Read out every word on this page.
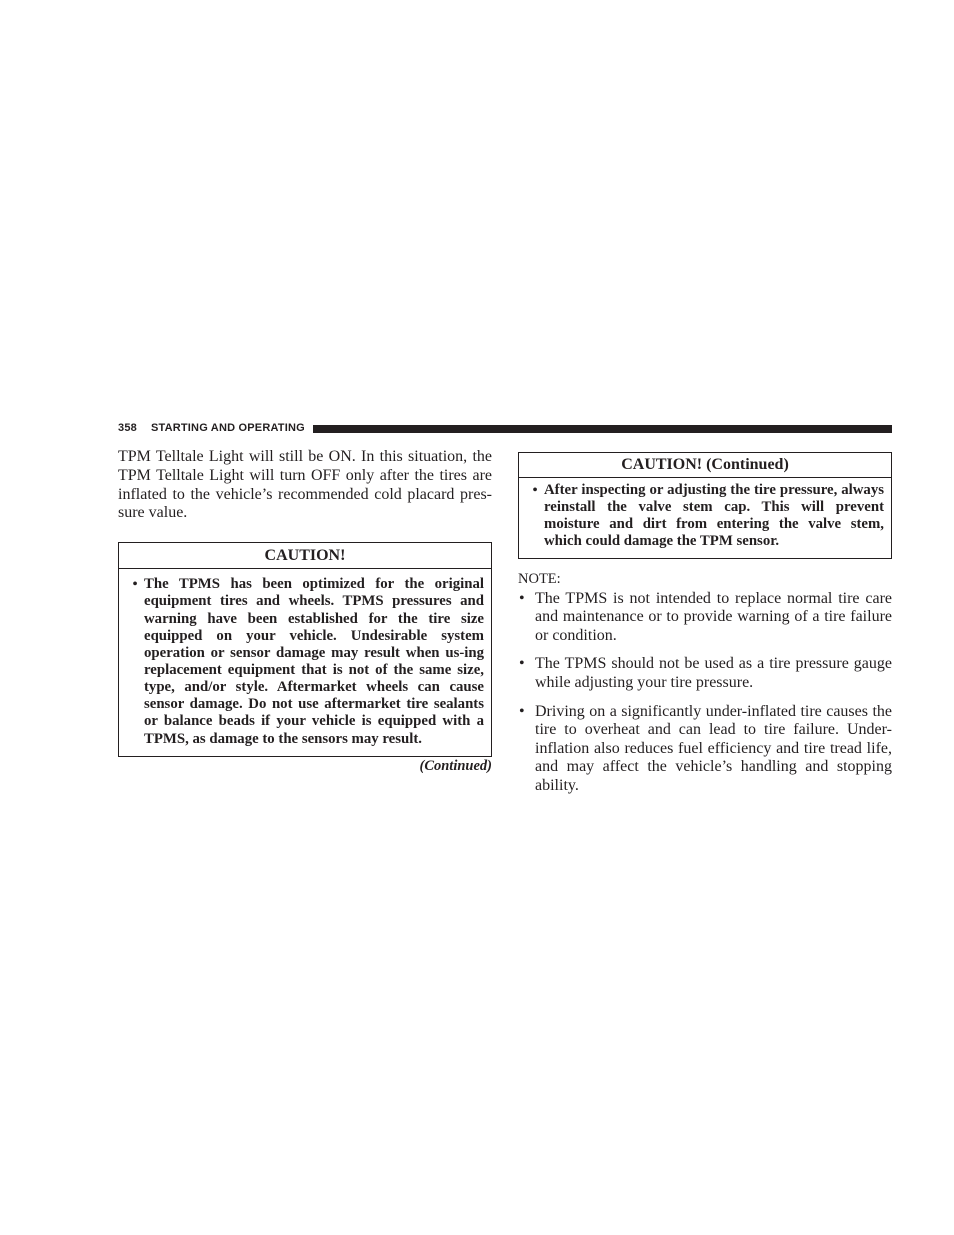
358 STARTING AND OPERATING

TPM Telltale Light will still be ON. In this situation, the TPM Telltale Light will turn OFF only after the tires are inflated to the vehicle’s recommended cold placard pres-sure value.

CAUTION!
• The TPMS has been optimized for the original equipment tires and wheels. TPMS pressures and warning have been established for the tire size equipped on your vehicle. Undesirable system operation or sensor damage may result when us-ing replacement equipment that is not of the same size, type, and/or style. Aftermarket wheels can cause sensor damage. Do not use aftermarket tire sealants or balance beads if your vehicle is equipped with a TPMS, as damage to the sensors may result.

(Continued)
CAUTION! (Continued)
• After inspecting or adjusting the tire pressure, always reinstall the valve stem cap. This will prevent moisture and dirt from entering the valve stem, which could damage the TPM sensor.

NOTE:

• The TPMS is not intended to replace normal tire care and maintenance or to provide warning of a tire failure or condition.

• The TPMS should not be used as a tire pressure gauge while adjusting your tire pressure.

• Driving on a significantly under-inflated tire causes the tire to overheat and can lead to tire failure. Under-inflation also reduces fuel efficiency and tire tread life, and may affect the vehicle’s handling and stopping ability.
